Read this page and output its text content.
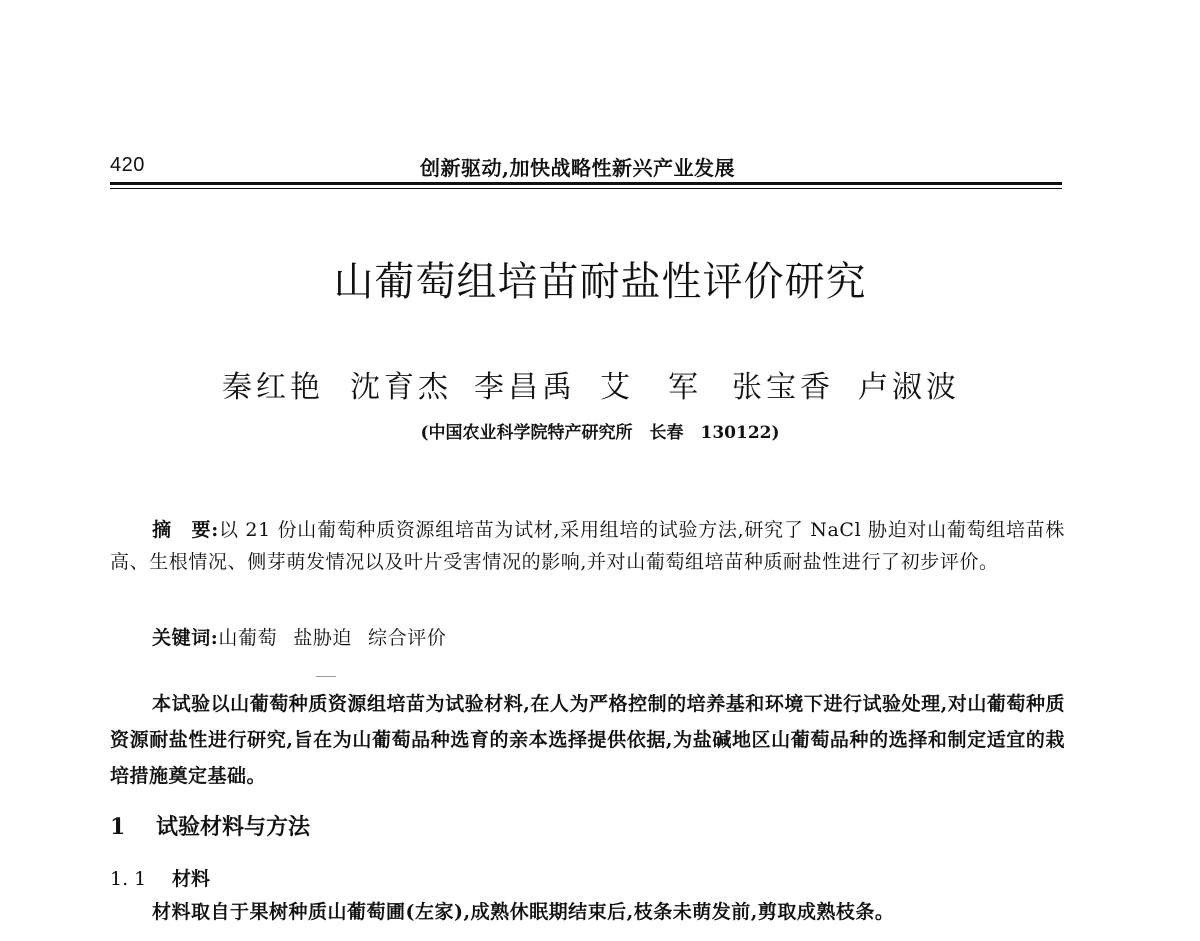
420	创新驱动,加快战略性新兴产业发展
山葡萄组培苗耐盐性评价研究
秦红艳 沈育杰 李昌禹 艾　军 张宝香 卢淑波
(中国农业科学院特产研究所　长春　130122)
摘　要:以 21 份山葡萄种质资源组培苗为试材,采用组培的试验方法,研究了 NaCl 胁迫对山葡萄组培苗株高、生根情况、侧芽萌发情况以及叶片受害情况的影响,并对山葡萄组培苗种质耐盐性进行了初步评价。
关键词:山葡萄 盐胁迫 综合评价
本试验以山葡萄种质资源组培苗为试验材料,在人为严格控制的培养基和环境下进行试验处理,对山葡萄种质资源耐盐性进行研究,旨在为山葡萄品种选育的亲本选择提供依据,为盐碱地区山葡萄品种的选择和制定适宜的栽培措施奠定基础。
1 试验材料与方法
1. 1 材料
材料取自于果树种质山葡萄圃(左家),成熟休眠期结束后,枝条未萌发前,剪取成熟枝条。
